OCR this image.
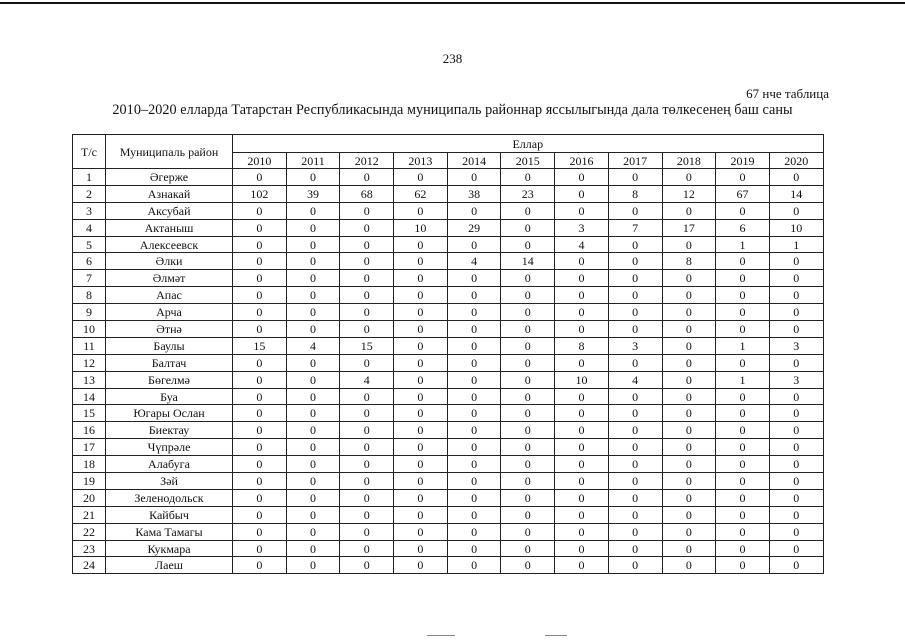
238
67 нче таблица
2010–2020 елларда Татарстан Республикасында муниципаль районнар яссылыгында дала төлкесенең баш саны
Т/с	Муниципаль район	Еллар										
		2010	2011	2012	2013	2014	2015	2016	2017	2018	2019	2020
1	Әгерже	0	0	0	0	0	0	0	0	0	0	0
2	Азнакай	102	39	68	62	38	23	0	8	12	67	14
3	Аксубай	0	0	0	0	0	0	0	0	0	0	0
4	Актаныш	0	0	0	10	29	0	3	7	17	6	10
5	Алексеевск	0	0	0	0	0	0	4	0	0	1	1
6	Әлки	0	0	0	0	4	14	0	0	8	0	0
7	Әлмәт	0	0	0	0	0	0	0	0	0	0	0
8	Апас	0	0	0	0	0	0	0	0	0	0	0
9	Арча	0	0	0	0	0	0	0	0	0	0	0
10	Әтнә	0	0	0	0	0	0	0	0	0	0	0
11	Баулы	15	4	15	0	0	0	8	3	0	1	3
12	Балтач	0	0	0	0	0	0	0	0	0	0	0
13	Бөгелмә	0	0	4	0	0	0	10	4	0	1	3
14	Буа	0	0	0	0	0	0	0	0	0	0	0
15	Югары Ослан	0	0	0	0	0	0	0	0	0	0	0
16	Биектау	0	0	0	0	0	0	0	0	0	0	0
17	Чүпрәле	0	0	0	0	0	0	0	0	0	0	0
18	Алабуга	0	0	0	0	0	0	0	0	0	0	0
19	Зәй	0	0	0	0	0	0	0	0	0	0	0
20	Зеленодольск	0	0	0	0	0	0	0	0	0	0	0
21	Кайбыч	0	0	0	0	0	0	0	0	0	0	0
22	Кама Тамагы	0	0	0	0	0	0	0	0	0	0	0
23	Кукмара	0	0	0	0	0	0	0	0	0	0	0
24	Лаеш	0	0	0	0	0	0	0	0	0	0	0
